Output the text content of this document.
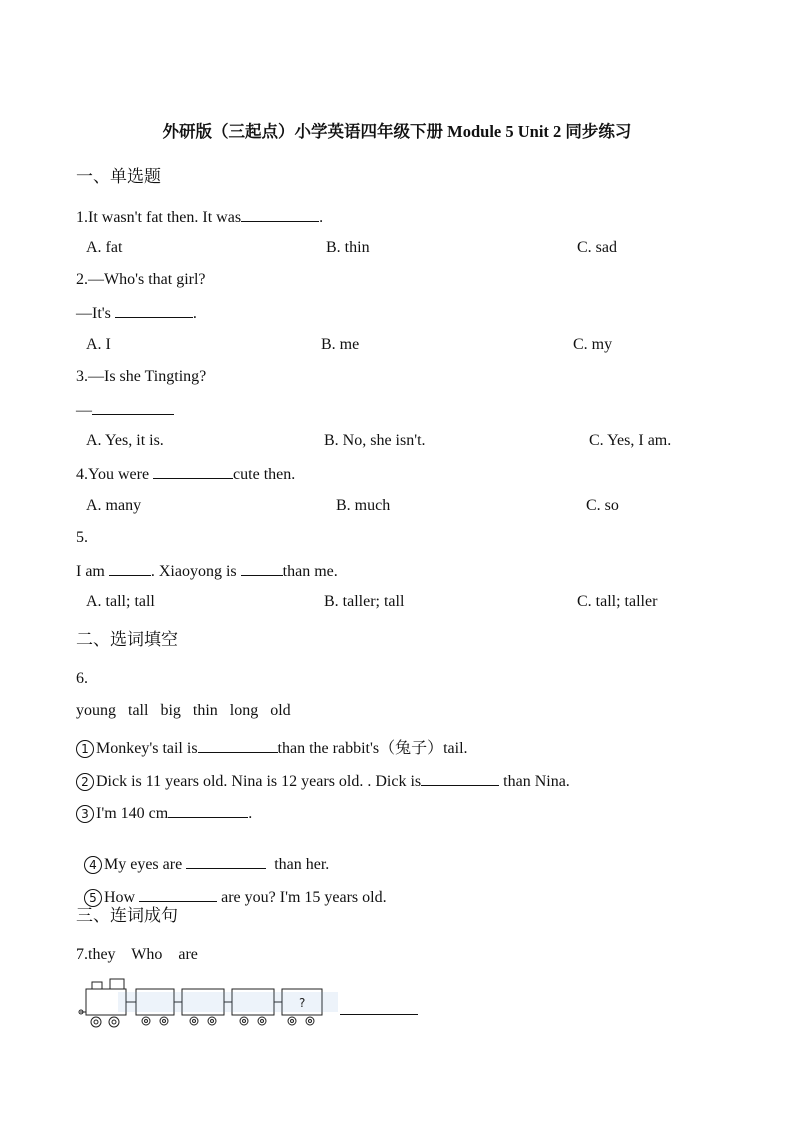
外研版（三起点）小学英语四年级下册 Module 5 Unit 2 同步练习
一、单选题
1.It wasn't fat then. It was	.
A. fat	B. thin	C. sad
2.—Who's that girl?
—It's	.
A. I	B. me	C. my
3.—Is she Tingting?
—
A. Yes, it is.	B. No, she isn't.	C. Yes, I am.
4.You were	cute then.
A. many	B. much	C. so
5.
I am	. Xiaoyong is	than me.
A. tall; tall	B. taller; tall	C. tall; taller
二、选词填空
6.
young   tall   big   thin   long   old
1 Monkey's tail is	than the rabbit's（兔子）tail.
2 Dick is 11 years old. Nina is 12 years old. . Dick is	than Nina.
3 I'm 140 cm	.

4 My eyes are	than her.

5 How	are you? I'm 15 years old.

三、连词成句
7.they    Who    are
?
